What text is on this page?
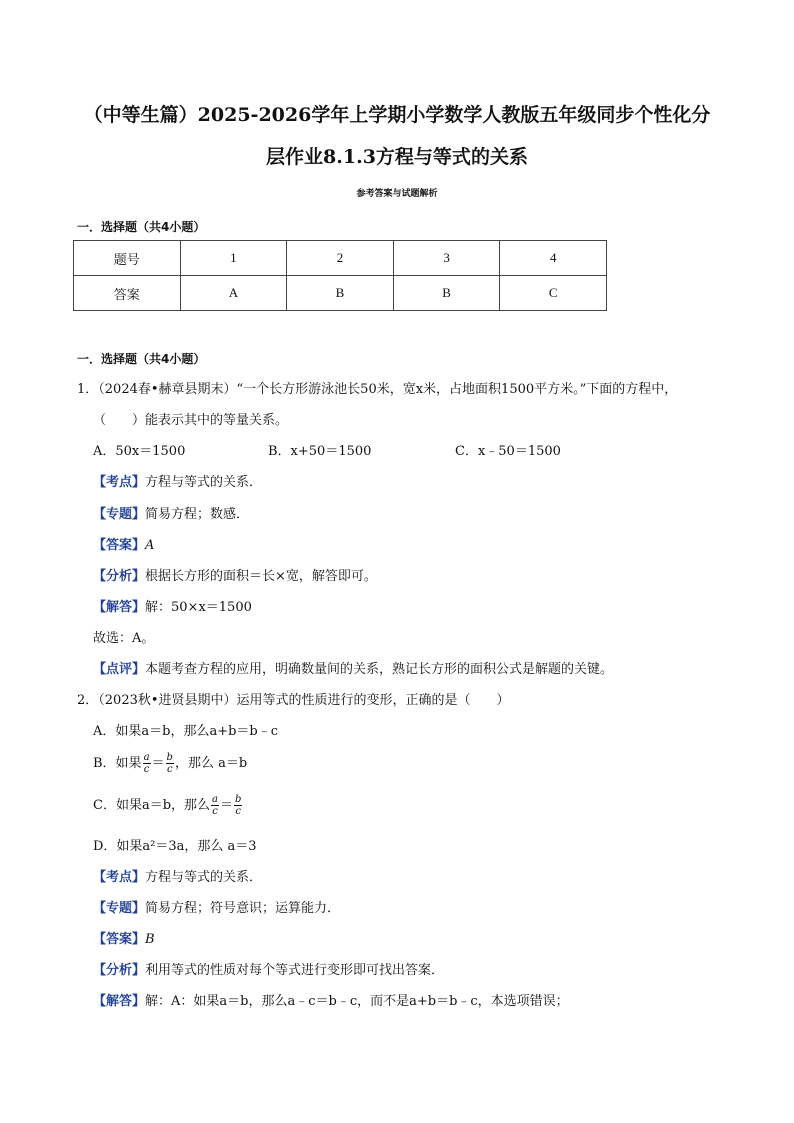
（中等生篇）2025-2026学年上学期小学数学人教版五年级同步个性化分
层作业8.1.3方程与等式的关系
参考答案与试题解析
一．选择题（共4小题）
题号	1	2	3	4
答案	A	B	B	C
一．选择题（共4小题）
1．（2024春•赫章县期末）“一个长方形游泳池长50米，宽x米，占地面积1500平方米。”下面的方程中，
（　　）能表示其中的等量关系。
A．50x＝1500	B．x+50＝1500	C．x﹣50＝1500
【考点】方程与等式的关系．
【专题】简易方程；数感．
【答案】A
【分析】根据长方形的面积＝长×宽，解答即可。
【解答】解：50×x＝1500
故选：A。
【点评】本题考查方程的应用，明确数量间的关系，熟记长方形的面积公式是解题的关键。
2．（2023秋•进贤县期中）运用等式的性质进行的变形，正确的是（　　）
A．如果a＝b，那么a+b＝b﹣c
B．如果 $\frac{a}{c} = \frac{b}{c}$ ，那么 a＝b
C．如果a＝b，那么 $\frac{a}{c} = \frac{b}{c}$
D．如果a²＝3a，那么 a＝3
【考点】方程与等式的关系．
【专题】简易方程；符号意识；运算能力．
【答案】B
【分析】利用等式的性质对每个等式进行变形即可找出答案．
【解答】解：A：如果a＝b，那么a﹣c＝b﹣c，而不是a+b＝b﹣c，本选项错误；
